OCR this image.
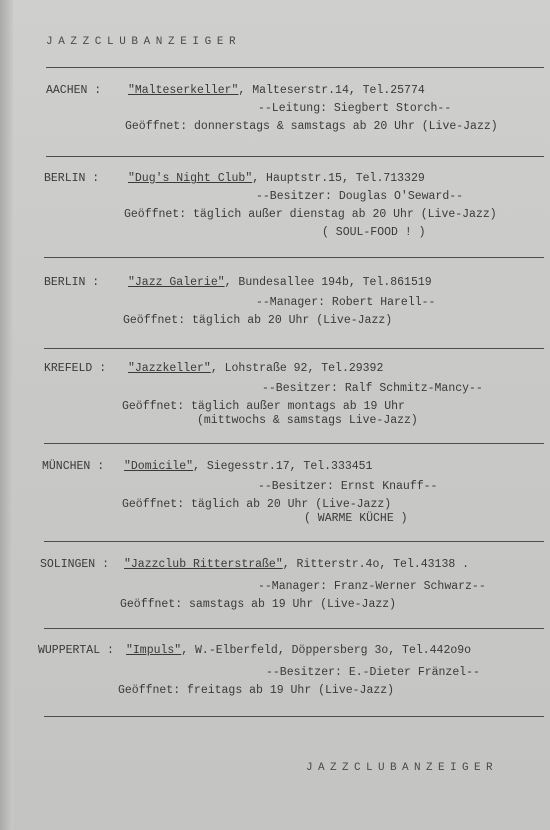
JAZZCLUBANZEIGER
AACHEN : "Malteserkeller", Malteserstr.14, Tel.25774
--Leitung: Siegbert Storch--
Geöffnet: donnerstags & samstags ab 20 Uhr (Live-Jazz)
BERLIN :	"Dug's Night Club", Hauptstr.15, Tel.713329
--Besitzer: Douglas O'Seward--
Geöffnet: täglich außer dienstag ab 20 Uhr (Live-Jazz)
( SOUL-FOOD ! )
BERLIN :	"Jazz Galerie", Bundesallee 194b, Tel.861519
--Manager: Robert Harell--
Geöffnet: täglich ab 20 Uhr (Live-Jazz)
KREFELD : "Jazzkeller", Lohstraße 92, Tel.29392
--Besitzer: Ralf Schmitz-Mancy--
Geöffnet: täglich außer montags ab 19 Uhr
(mittwochs & samstags Live-Jazz)
MÜNCHEN : "Domicile", Siegesstr.17, Tel.333451
--Besitzer: Ernst Knauff--
Geöffnet: täglich ab 20 Uhr (Live-Jazz)
( WARME KÜCHE )
SOLINGEN : "Jazzclub Ritterstraße", Ritterstr.4o, Tel.43138 .
--Manager: Franz-Werner Schwarz--
Geöffnet: samstags ab 19 Uhr (Live-Jazz)
WUPPERTAL : "Impuls", W.-Elberfeld, Döppersberg 3o, Tel.442o9o
--Besitzer: E.-Dieter Fränzel--
Geöffnet: freitags ab 19 Uhr (Live-Jazz)
JAZZCLUBANZEIGER
